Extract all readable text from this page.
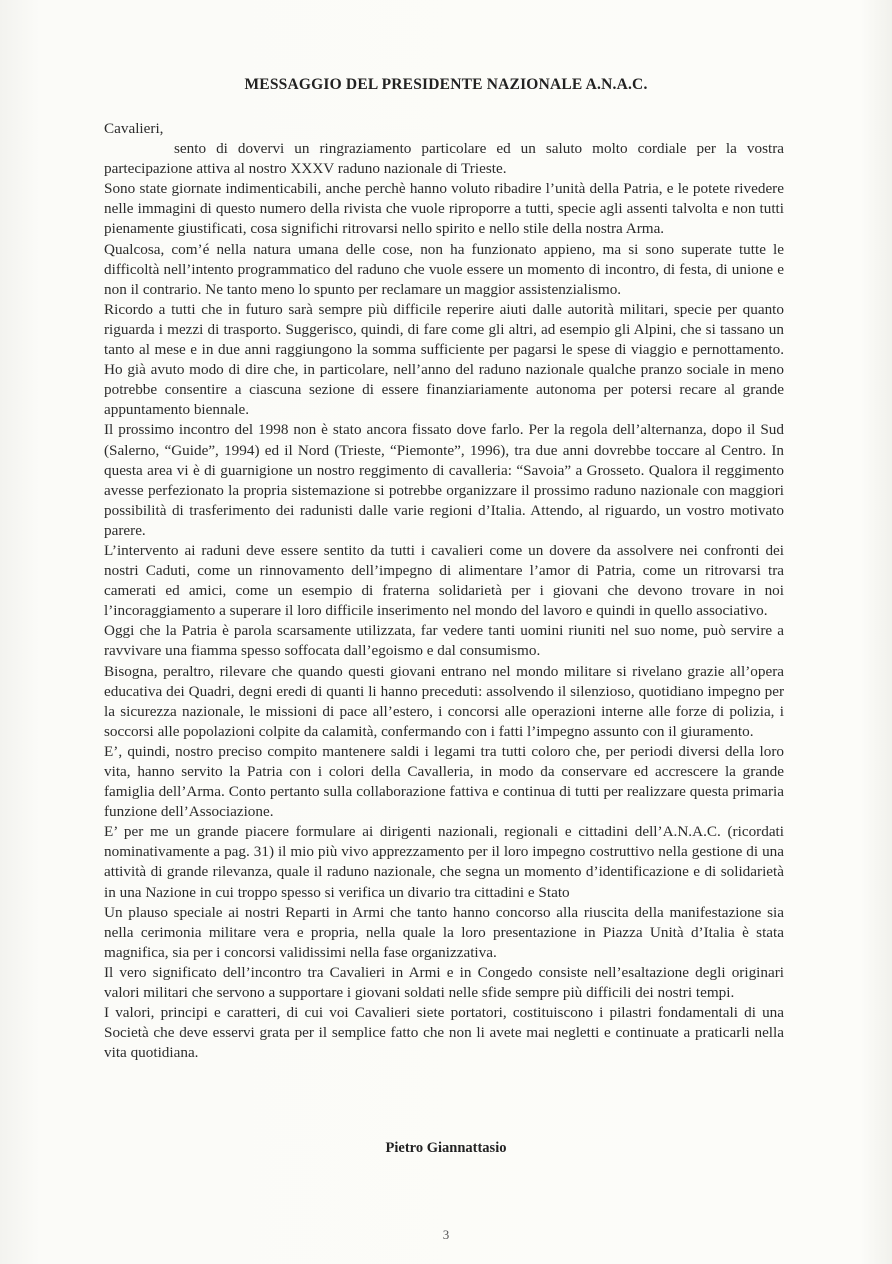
MESSAGGIO DEL PRESIDENTE NAZIONALE A.N.A.C.

Cavalieri,

sento di dovervi un ringraziamento particolare ed un saluto molto cordiale per la vostra partecipazione attiva al nostro XXXV raduno nazionale di Trieste.

Sono state giornate indimenticabili, anche perchè hanno voluto ribadire l’unità della Patria, e le potete rivedere nelle immagini di questo numero della rivista che vuole riproporre a tutti, specie agli assenti talvolta e non tutti pienamente giustificati, cosa significhi ritrovarsi nello spirito e nello stile della nostra Arma.

Qualcosa, com’é nella natura umana delle cose, non ha funzionato appieno, ma si sono superate tutte le difficoltà nell’intento programmatico del raduno che vuole essere un momento di incontro, di festa, di unione e non il contrario. Ne tanto meno lo spunto per reclamare un maggior assistenzialismo.

Ricordo a tutti che in futuro sarà sempre più difficile reperire aiuti dalle autorità militari, specie per quanto riguarda i mezzi di trasporto. Suggerisco, quindi, di fare come gli altri, ad esempio gli Alpini, che si tassano un tanto al mese e in due anni raggiungono la somma sufficiente per pagarsi le spese di viaggio e pernottamento. Ho già avuto modo di dire che, in particolare, nell’anno del raduno nazionale qualche pranzo sociale in meno potrebbe consentire a ciascuna sezione di essere finanziariamente autonoma per potersi recare al grande appuntamento biennale.

Il prossimo incontro del 1998 non è stato ancora fissato dove farlo. Per la regola dell’alternanza, dopo il Sud (Salerno, “Guide”, 1994) ed il Nord (Trieste, “Piemonte”, 1996), tra due anni dovrebbe toccare al Centro. In questa area vi è di guarnigione un nostro reggimento di cavalleria: “Savoia” a Grosseto. Qualora il reggimento avesse perfezionato la propria sistemazione si potrebbe organizzare il prossimo raduno nazionale con maggiori possibilità di trasferimento dei radunisti dalle varie regioni d’Italia. Attendo, al riguardo, un vostro motivato parere.

L’intervento ai raduni deve essere sentito da tutti i cavalieri come un dovere da assolvere nei confronti dei nostri Caduti, come un rinnovamento dell’impegno di alimentare l’amor di Patria, come un ritrovarsi tra camerati ed amici, come un esempio di fraterna solidarietà per i giovani che devono trovare in noi l’incoraggiamento a superare il loro difficile inserimento nel mondo del lavoro e quindi in quello associativo.

Oggi che la Patria è parola scarsamente utilizzata, far vedere tanti uomini riuniti nel suo nome, può servire a ravvivare una fiamma spesso soffocata dall’egoismo e dal consumismo.

Bisogna, peraltro, rilevare che quando questi giovani entrano nel mondo militare si rivelano grazie all’opera educativa dei Quadri, degni eredi di quanti li hanno preceduti: assolvendo il silenzioso, quotidiano impegno per la sicurezza nazionale, le missioni di pace all’estero, i concorsi alle operazioni interne alle forze di polizia, i soccorsi alle popolazioni colpite da calamità, confermando con i fatti l’impegno assunto con il giuramento.

E’, quindi, nostro preciso compito mantenere saldi i legami tra tutti coloro che, per periodi diversi della loro vita, hanno servito la Patria con i colori della Cavalleria, in modo da conservare ed accrescere la grande famiglia dell’Arma. Conto pertanto sulla collaborazione fattiva e continua di tutti per realizzare questa primaria funzione dell’Associazione.

E’ per me un grande piacere formulare ai dirigenti nazionali, regionali e cittadini dell’A.N.A.C. (ricordati nominativamente a pag. 31) il mio più vivo apprezzamento per il loro impegno costruttivo nella gestione di una attività di grande rilevanza, quale il raduno nazionale, che segna un momento d’identificazione e di solidarietà in una Nazione in cui troppo spesso si verifica un divario tra cittadini e Stato

Un plauso speciale ai nostri Reparti in Armi che tanto hanno concorso alla riuscita della manifestazione sia nella cerimonia militare vera e propria, nella quale la loro presentazione in Piazza Unità d’Italia è stata magnifica, sia per i concorsi validissimi nella fase organizzativa.

Il vero significato dell’incontro tra Cavalieri in Armi e in Congedo consiste nell’esaltazione degli originari valori militari che servono a supportare i giovani soldati nelle sfide sempre più difficili dei nostri tempi.

I valori, principi e caratteri, di cui voi Cavalieri siete portatori, costituiscono i pilastri fondamentali di una Società che deve esservi grata per il semplice fatto che non li avete mai negletti e continuate a praticarli nella vita quotidiana.

Pietro Giannattasio
3
